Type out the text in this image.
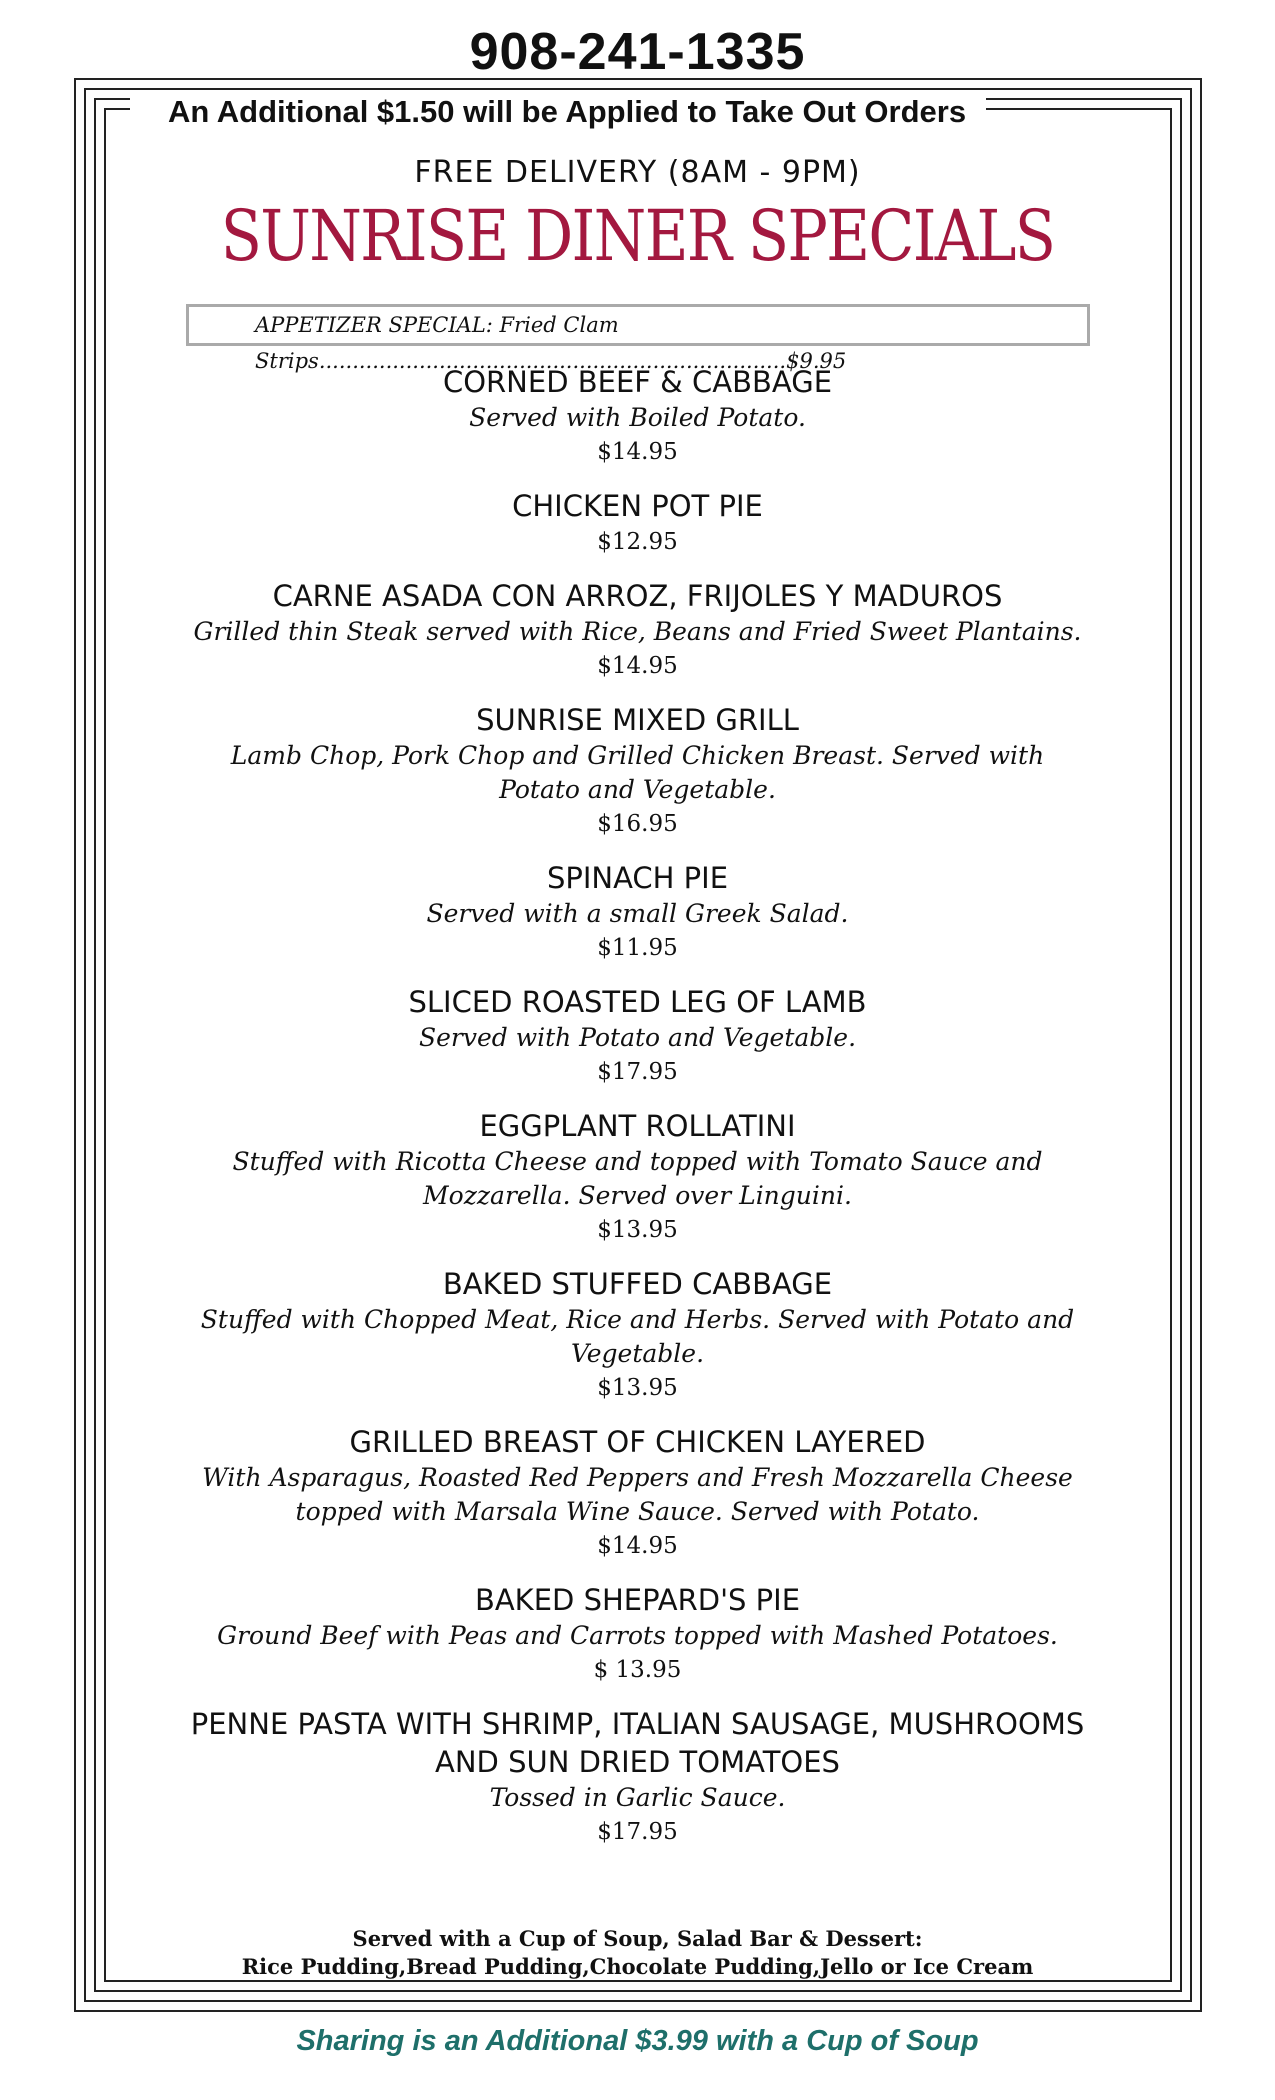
908-241-1335
An Additional $1.50 will be Applied to Take Out Orders
FREE DELIVERY (8AM - 9PM)
SUNRISE DINER SPECIALS
APPETIZER SPECIAL: Fried Clam Strips......................................................................$9.95
CORNED BEEF & CABBAGE
Served with Boiled Potato.
$14.95
CHICKEN POT PIE
$12.95
CARNE ASADA CON ARROZ, FRIJOLES Y MADUROS
Grilled thin Steak served with Rice, Beans and Fried Sweet Plantains.
$14.95
SUNRISE MIXED GRILL
Lamb Chop, Pork Chop and Grilled Chicken Breast. Served with Potato and Vegetable.
$16.95
SPINACH PIE
Served with a small Greek Salad.
$11.95
SLICED ROASTED LEG OF LAMB
Served with Potato and Vegetable.
$17.95
EGGPLANT ROLLATINI
Stuffed with Ricotta Cheese and topped with Tomato Sauce and Mozzarella. Served over Linguini.
$13.95
BAKED STUFFED CABBAGE
Stuffed with Chopped Meat, Rice and Herbs. Served with Potato and Vegetable.
$13.95
GRILLED BREAST OF CHICKEN LAYERED
With Asparagus, Roasted Red Peppers and Fresh Mozzarella Cheese topped with Marsala Wine Sauce. Served with Potato.
$14.95
BAKED SHEPARD'S PIE
Ground Beef with Peas and Carrots topped with Mashed Potatoes.
$ 13.95
PENNE PASTA WITH SHRIMP, ITALIAN SAUSAGE, MUSHROOMS AND SUN DRIED TOMATOES
Tossed in Garlic Sauce.
$17.95
Served with a Cup of Soup, Salad Bar & Dessert:
Rice Pudding,Bread Pudding,Chocolate Pudding,Jello or Ice Cream
Sharing is an Additional $3.99 with a Cup of Soup
